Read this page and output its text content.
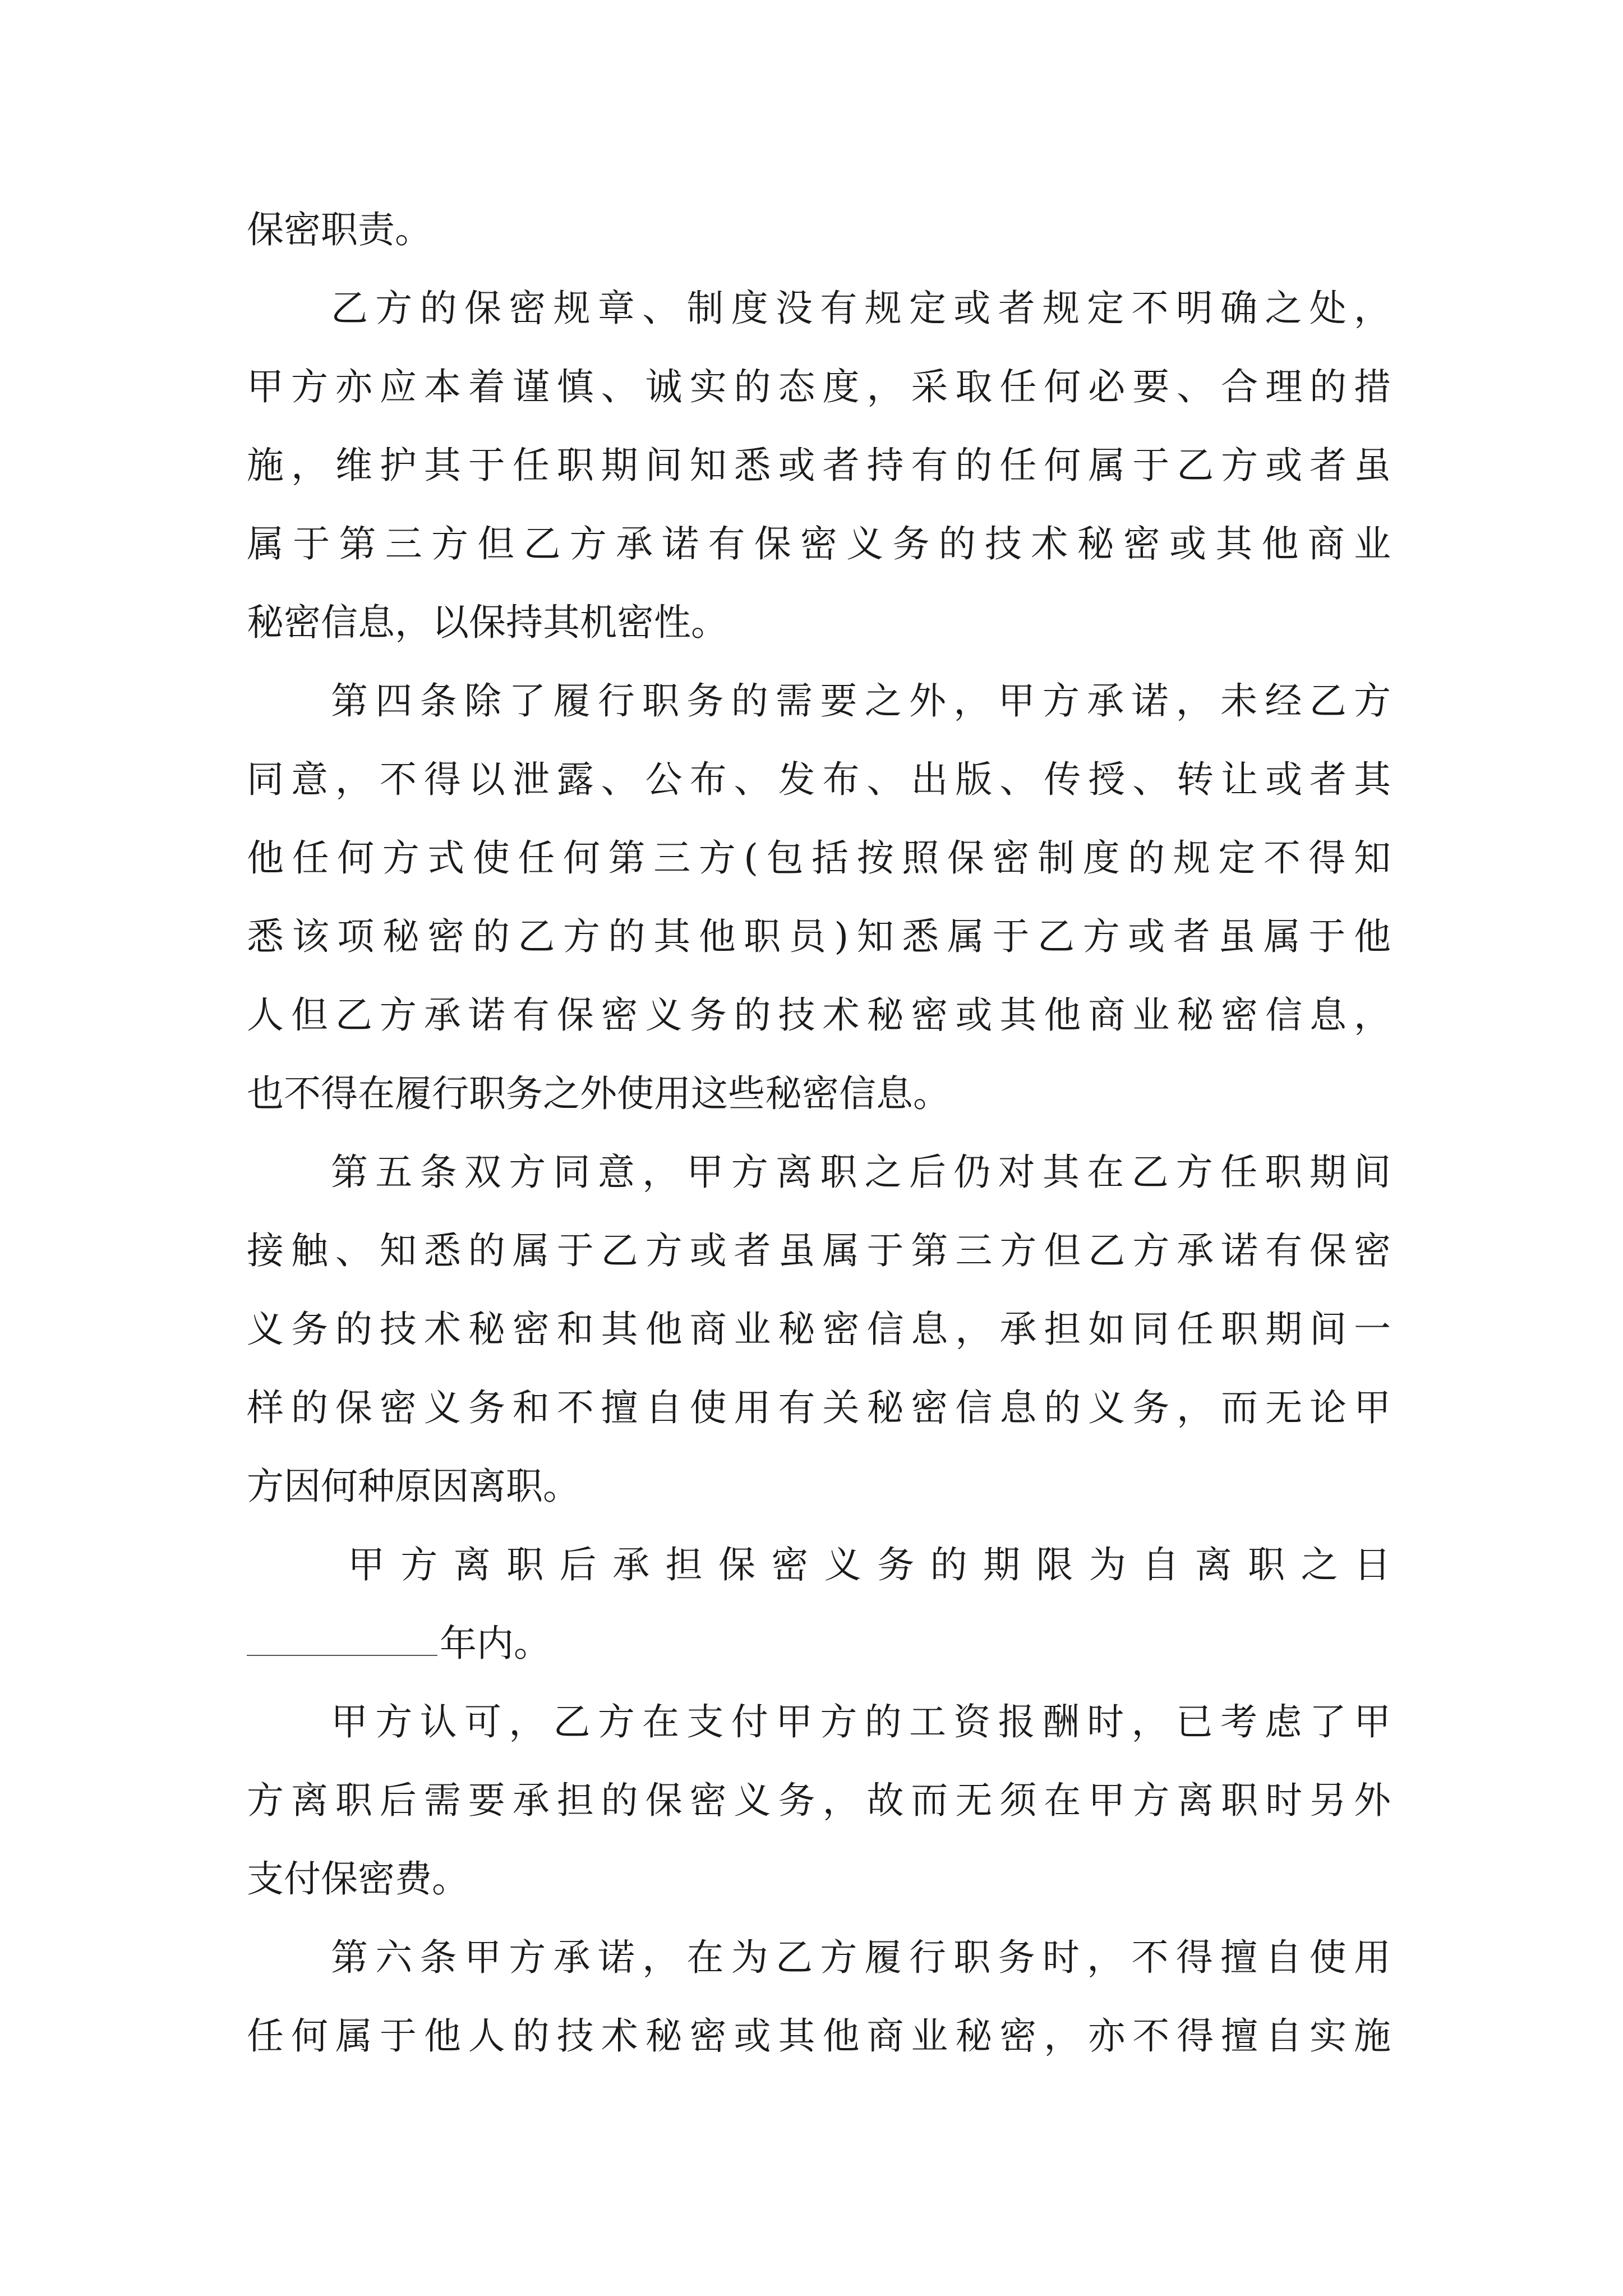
保密职责。
乙方的保密规章、制度没有规定或者规定不明确之处，
甲方亦应本着谨慎、诚实的态度，采取任何必要、合理的措
施，维护其于任职期间知悉或者持有的任何属于乙方或者虽
属于第三方但乙方承诺有保密义务的技术秘密或其他商业
秘密信息，以保持其机密性。
第四条除了履行职务的需要之外，甲方承诺，未经乙方
同意，不得以泄露、公布、发布、出版、传授、转让或者其
他任何方式使任何第三方(包括按照保密制度的规定不得知
悉该项秘密的乙方的其他职员)知悉属于乙方或者虽属于他
人但乙方承诺有保密义务的技术秘密或其他商业秘密信息，
也不得在履行职务之外使用这些秘密信息。
第五条双方同意，甲方离职之后仍对其在乙方任职期间
接触、知悉的属于乙方或者虽属于第三方但乙方承诺有保密
义务的技术秘密和其他商业秘密信息，承担如同任职期间一
样的保密义务和不擅自使用有关秘密信息的义务，而无论甲
方因何种原因离职。
甲方离职后承担保密义务的期限为自离职之日
年内。
甲方认可，乙方在支付甲方的工资报酬时，已考虑了甲
方离职后需要承担的保密义务，故而无须在甲方离职时另外
支付保密费。
第六条甲方承诺，在为乙方履行职务时，不得擅自使用
任何属于他人的技术秘密或其他商业秘密，亦不得擅自实施
